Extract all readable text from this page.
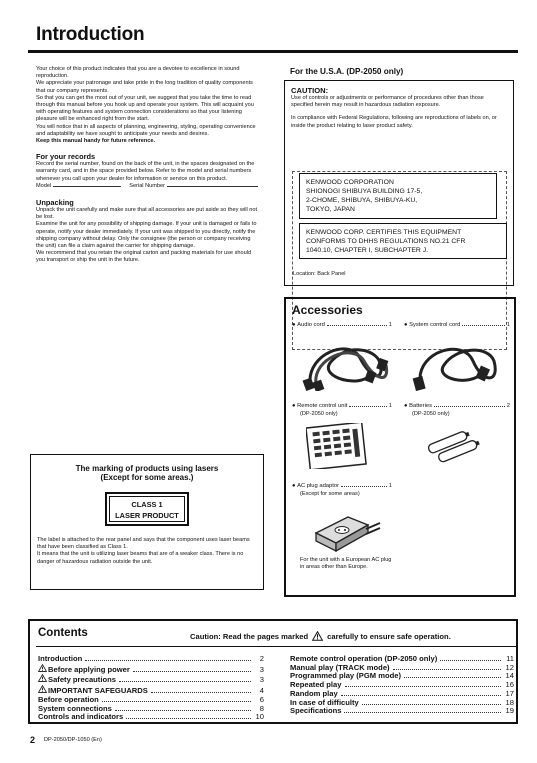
Introduction

Your choice of this product indicates that you are a devotee to excellence in sound reproduction.

We appreciate your patronage and take pride in the long tradition of quality components that our company represents.

So that you can get the most out of your unit, we suggest that you take the time to read through this manual before you hook up and operate your system. This will acquaint you with operating features and system connection considerations so that your listening pleasure will be enhanced right from the start.

You will notice that in all aspects of planning, engineering, styling, operating convenience and adaptability we have sought to anticipate your needs and desires.

Keep this manual handy for future reference.

For your records

Record the serial number, found on the back of the unit, in the spaces designated on the warranty card, and in the space provided below. Refer to the model and serial numbers whenever you call upon your dealer for information or service on this product.

Model	Serial Number

Unpacking

Unpack the unit carefully and make sure that all accessories are put aside so they will not be lost.

Examine the unit for any possibility of shipping damage. If your unit is damaged or fails to operate, notify your dealer immediately. If your unit was shipped to you directly, notify the shipping company without delay. Only the consignee (the person or company receiving the unit) can file a claim against the carrier for shipping damage.

We recommend that you retain the original carton and packing materials for use should you transport or ship the unit in the future.

The marking of products using lasers
(Except for some areas.)
CLASS 1
LASER PRODUCT

The label is attached to the rear panel and says that the component uses laser beams that have been classified as Class 1.

It means that the unit is utilizing laser beams that are of a weaker class. There is no danger of hazardous radiation outside the unit.

For the U.S.A. (DP-2050 only)
CAUTION:

Use of controls or adjustments or performance of procedures other than those specified herein may result in hazardous radiation exposure.

In compliance with Federal Regulations, following are reproductions of labels on, or inside the product relating to laser product safety.

KENWOOD CORPORATION
SHIONOGI SHIBUYA BUILDING 17-5,
2-CHOME, SHIBUYA, SHIBUYA-KU,
TOKYO, JAPAN
KENWOOD CORP. CERTIFIES THIS EQUIPMENT
CONFORMS TO DHHS REGULATIONS NO.21 CFR
1040.10, CHAPTER I, SUBCHAPTER J.
Location: Back Panel
Accessories
● Audio cord	1 ● System control cord	1
● Remote control unit	1
(DP-2050 only)
● Batteries	2
(DP-2050 only)
● AC plug adaptor	1
(Except for some areas)
For the unit with a European AC plug in areas other than Europe.
Contents	Caution: Read the pages marked	carefully to ensure safe operation.
Introduction	2
Before applying power	3
Safety precautions	3
IMPORTANT SAFEGUARDS	4
Before operation	6
System connections	8
Controls and indicators	10
Remote control operation (DP-2050 only)	11
Manual play (TRACK mode)	12
Programmed play (PGM mode)	14
Repeated play	16
Random play	17
In case of difficulty	18
Specifications	19
2 DP-2050/DP-1050 (En)
